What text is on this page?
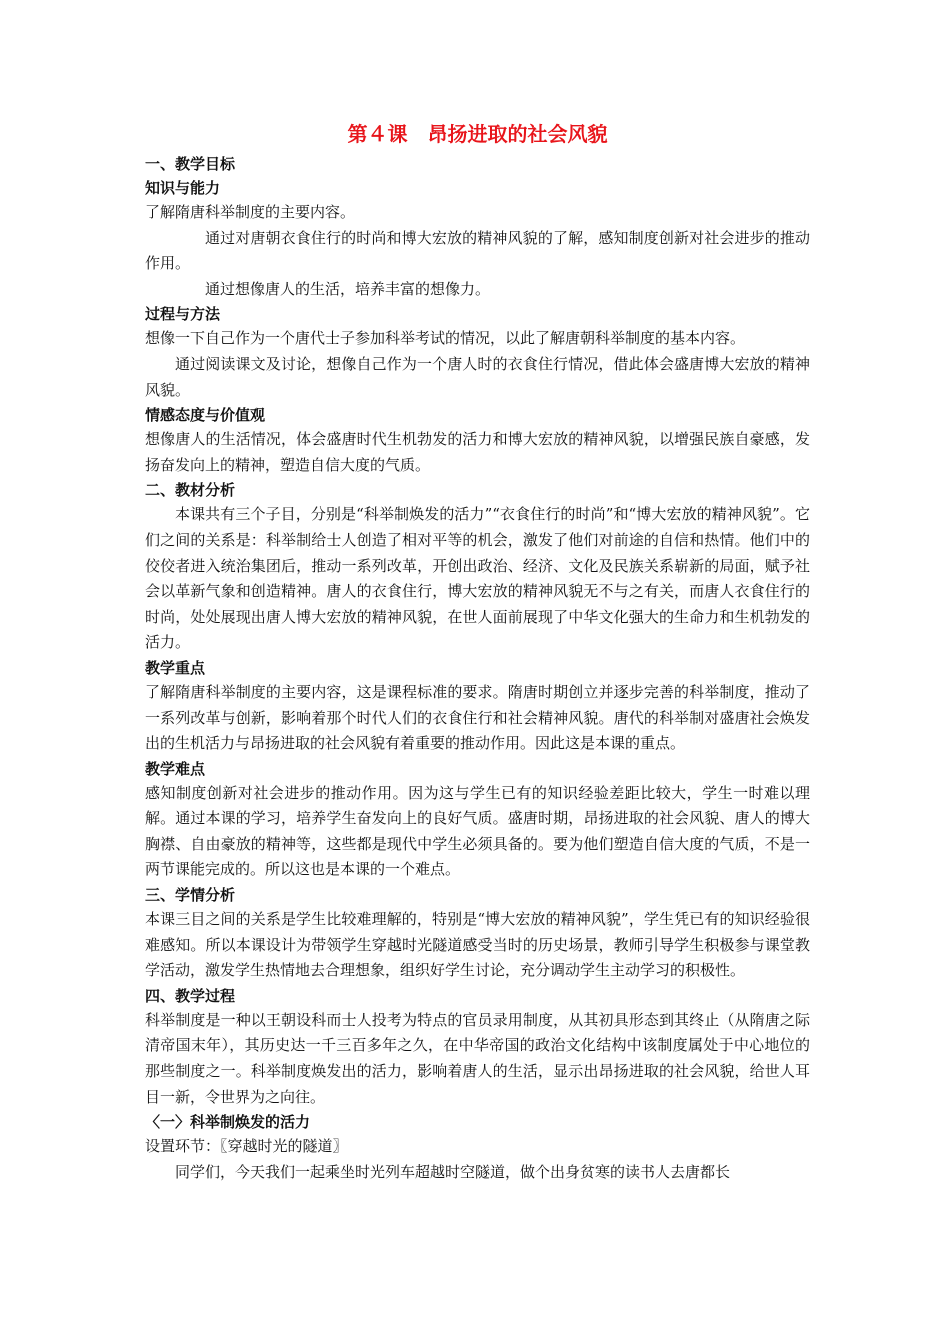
第４课　昂扬进取的社会风貌
一、教学目标
知识与能力
了解隋唐科举制度的主要内容。
通过对唐朝衣食住行的时尚和博大宏放的精神风貌的了解，感知制度创新对社会进步的推动作用。
通过想像唐人的生活，培养丰富的想像力。
过程与方法
想像一下自己作为一个唐代士子参加科举考试的情况，以此了解唐朝科举制度的基本内容。
通过阅读课文及讨论，想像自己作为一个唐人时的衣食住行情况，借此体会盛唐博大宏放的精神风貌。
情感态度与价值观
想像唐人的生活情况，体会盛唐时代生机勃发的活力和博大宏放的精神风貌，以增强民族自豪感，发扬奋发向上的精神，塑造自信大度的气质。
二、教材分析
本课共有三个子目，分别是“科举制焕发的活力”“衣食住行的时尚”和“博大宏放的精神风貌”。它们之间的关系是：科举制给士人创造了相对平等的机会，激发了他们对前途的自信和热情。他们中的佼佼者进入统治集团后，推动一系列改革，开创出政治、经济、文化及民族关系崭新的局面，赋予社会以革新气象和创造精神。唐人的衣食住行，博大宏放的精神风貌无不与之有关，而唐人衣食住行的时尚，处处展现出唐人博大宏放的精神风貌，在世人面前展现了中华文化强大的生命力和生机勃发的活力。
教学重点
了解隋唐科举制度的主要内容，这是课程标准的要求。隋唐时期创立并逐步完善的科举制度，推动了一系列改革与创新，影响着那个时代人们的衣食住行和社会精神风貌。唐代的科举制对盛唐社会焕发出的生机活力与昂扬进取的社会风貌有着重要的推动作用。因此这是本课的重点。
教学难点
感知制度创新对社会进步的推动作用。因为这与学生已有的知识经验差距比较大，学生一时难以理解。通过本课的学习，培养学生奋发向上的良好气质。盛唐时期，昂扬进取的社会风貌、唐人的博大胸襟、自由豪放的精神等，这些都是现代中学生必须具备的。要为他们塑造自信大度的气质，不是一两节课能完成的。所以这也是本课的一个难点。
三、学情分析
本课三目之间的关系是学生比较难理解的，特别是“博大宏放的精神风貌”，学生凭已有的知识经验很难感知。所以本课设计为带领学生穿越时光隧道感受当时的历史场景，教师引导学生积极参与课堂教学活动，激发学生热情地去合理想象，组织好学生讨论，充分调动学生主动学习的积极性。
四、教学过程
科举制度是一种以王朝设科而士人投考为特点的官员录用制度，从其初具形态到其终止（从隋唐之际清帝国末年），其历史达一千三百多年之久，在中华帝国的政治文化结构中该制度属处于中心地位的那些制度之一。科举制度焕发出的活力，影响着唐人的生活，显示出昂扬进取的社会风貌，给世人耳目一新，令世界为之向往。
〈一〉科举制焕发的活力
设置环节：〖穿越时光的隧道〗
同学们，今天我们一起乘坐时光列车超越时空隧道，做个出身贫寒的读书人去唐都长
